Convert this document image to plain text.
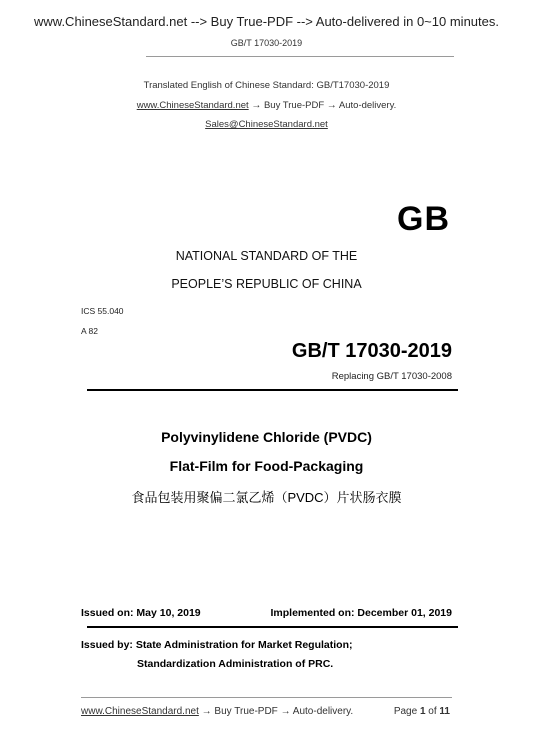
www.ChineseStandard.net --> Buy True-PDF --> Auto-delivered in 0~10 minutes.
GB/T 17030-2019
Translated English of Chinese Standard: GB/T17030-2019
www.ChineseStandard.net → Buy True-PDF → Auto-delivery.
Sales@ChineseStandard.net
GB
NATIONAL STANDARD OF THE
PEOPLE’S REPUBLIC OF CHINA
ICS 55.040
A 82
GB/T 17030-2019
Replacing GB/T 17030-2008
Polyvinylidene Chloride (PVDC)
Flat-Film for Food-Packaging
食品包装用聚偏二氯乙烯（PVDC）片状肠衣膜
Issued on: May 10, 2019	Implemented on: December 01, 2019
Issued by: State Administration for Market Regulation;
Standardization Administration of PRC.
www.ChineseStandard.net → Buy True-PDF → Auto-delivery.	Page 1 of 11
